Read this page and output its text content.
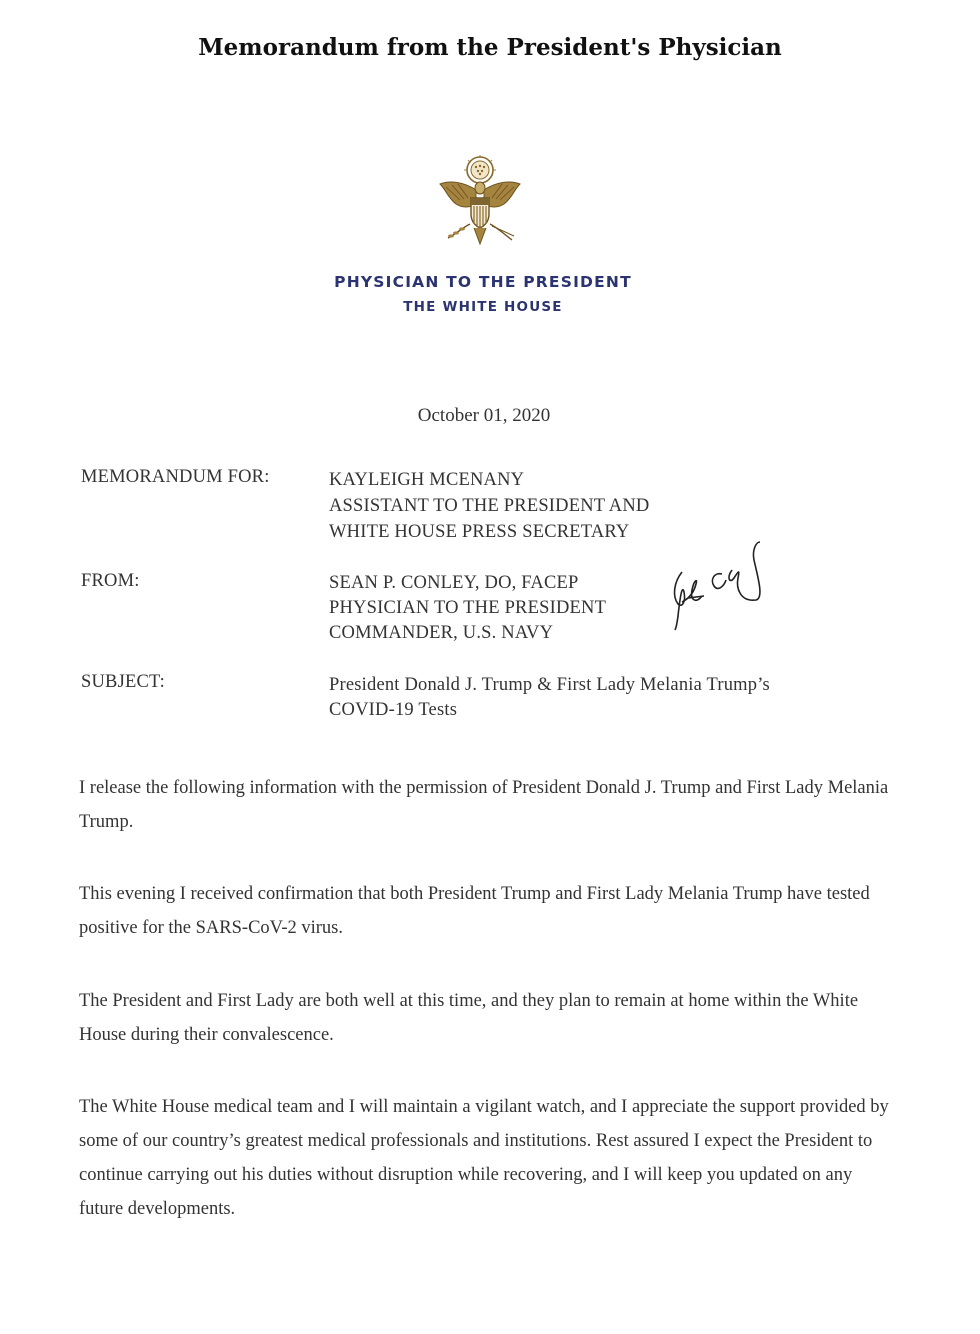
Memorandum from the President's Physician
PHYSICIAN TO THE PRESIDENT
THE WHITE HOUSE
October 01, 2020
MEMORANDUM FOR:	KAYLEIGH MCENANY
ASSISTANT TO THE PRESIDENT AND
WHITE HOUSE PRESS SECRETARY
FROM:	SEAN P. CONLEY, DO, FACEP
PHYSICIAN TO THE PRESIDENT
COMMANDER, U.S. NAVY
SUBJECT:	President Donald J. Trump & First Lady Melania Trump’s
COVID-19 Tests
I release the following information with the permission of President Donald J. Trump and First Lady Melania Trump.
This evening I received confirmation that both President Trump and First Lady Melania Trump have tested positive for the SARS-CoV-2 virus.
The President and First Lady are both well at this time, and they plan to remain at home within the White House during their convalescence.
The White House medical team and I will maintain a vigilant watch, and I appreciate the support provided by some of our country’s greatest medical professionals and institutions. Rest assured I expect the President to continue carrying out his duties without disruption while recovering, and I will keep you updated on any future developments.
